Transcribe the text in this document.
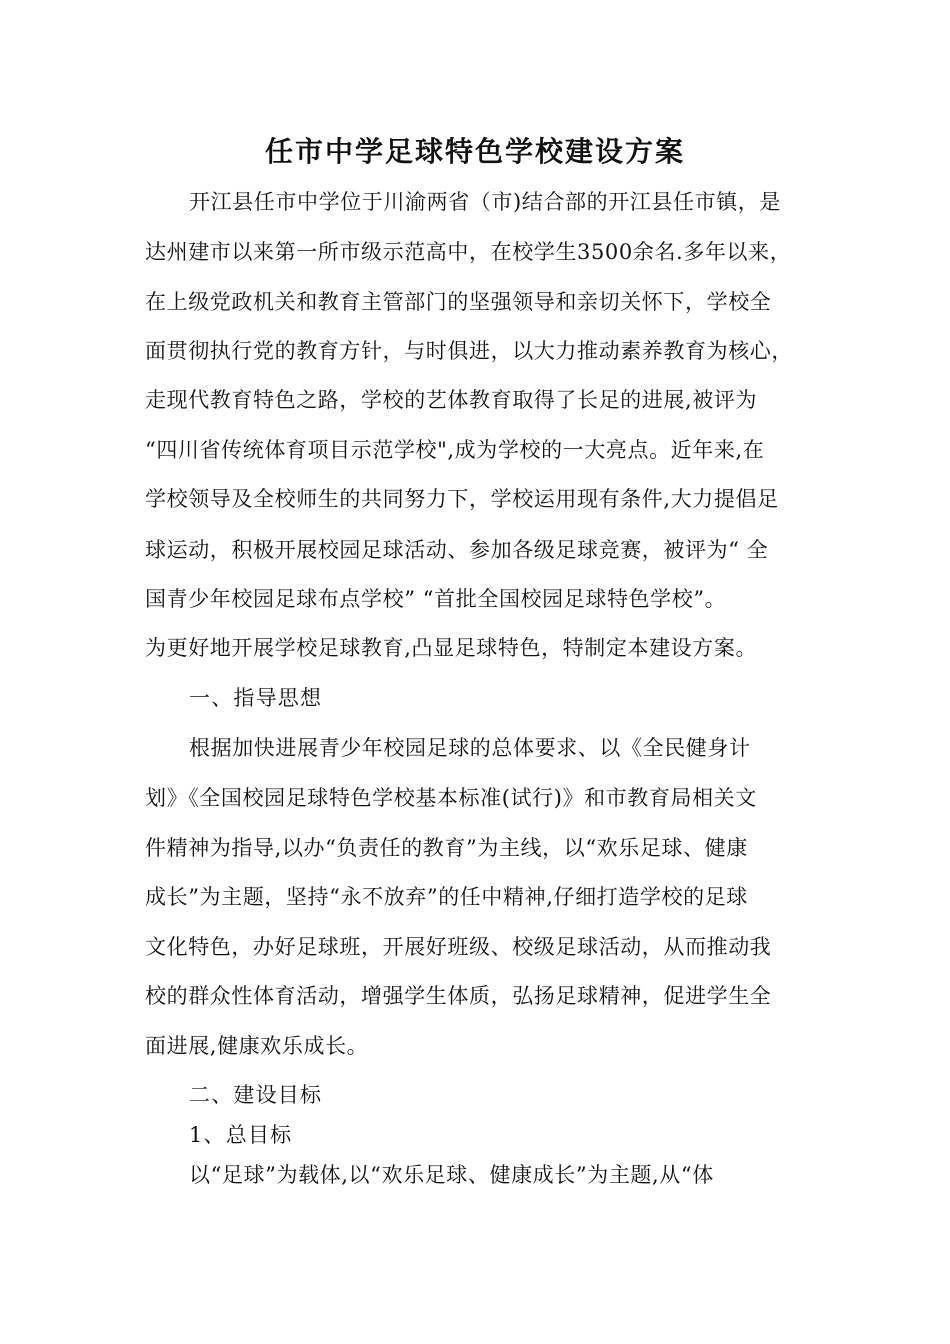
任市中学足球特色学校建设方案
开江县任市中学位于川渝两省（市)结合部的开江县任市镇，是
达州建市以来第一所市级示范高中，在校学生3500余名.多年以来，
在上级党政机关和教育主管部门的坚强领导和亲切关怀下，学校全
面贯彻执行党的教育方针，与时俱进，以大力推动素养教育为核心，
走现代教育特色之路，学校的艺体教育取得了长足的进展,被评为
“四川省传统体育项目示范学校",成为学校的一大亮点。近年来,在
学校领导及全校师生的共同努力下，学校运用现有条件,大力提倡足
球运动，积极开展校园足球活动、参加各级足球竞赛，被评为“ 全
国青少年校园足球布点学校” “首批全国校园足球特色学校”。
为更好地开展学校足球教育,凸显足球特色，特制定本建设方案。
一、指导思想
根据加快进展青少年校园足球的总体要求、以《全民健身计
划》《全国校园足球特色学校基本标准(试行)》和市教育局相关文
件精神为指导,以办“负责任的教育”为主线，以“欢乐足球、健康
成长”为主题，坚持“永不放弃”的任中精神,仔细打造学校的足球
文化特色，办好足球班，开展好班级、校级足球活动，从而推动我
校的群众性体育活动，增强学生体质，弘扬足球精神，促进学生全
面进展,健康欢乐成长。
二、建设目标
1、总目标
以“足球”为载体,以“欢乐足球、健康成长”为主题,从“体
